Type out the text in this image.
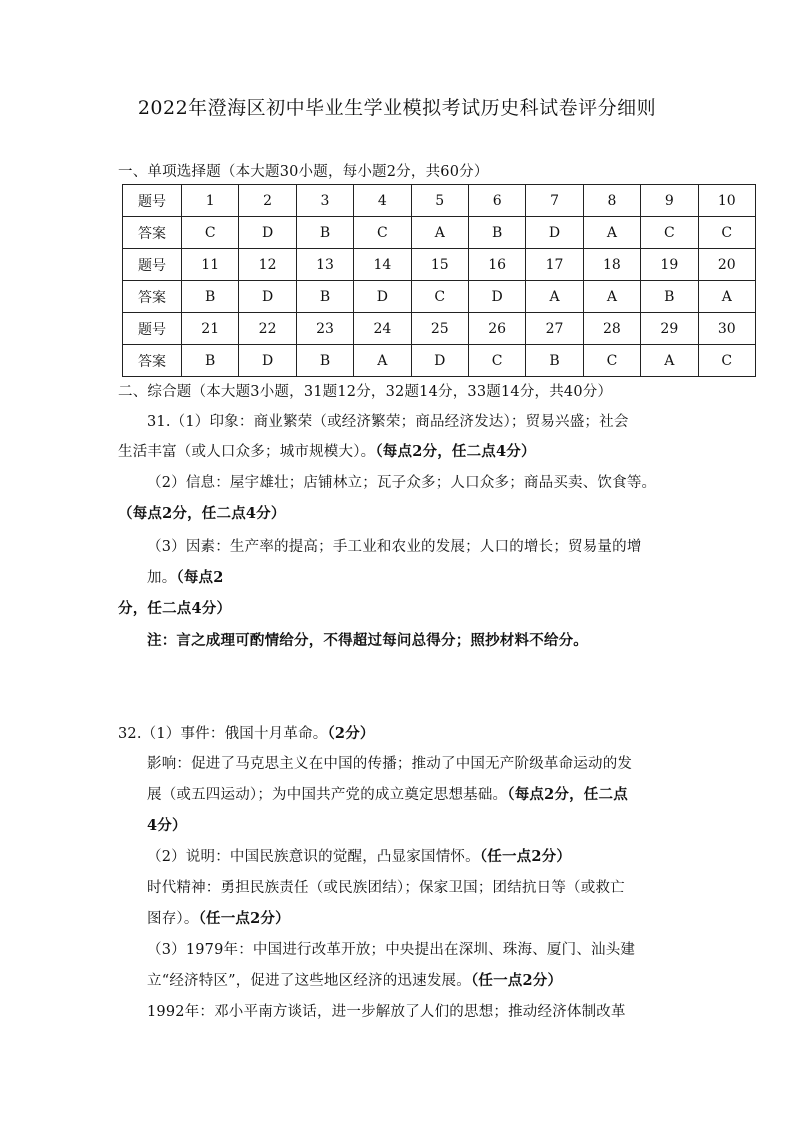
2022年澄海区初中毕业生学业模拟考试历史科试卷评分细则
一、单项选择题（本大题30小题，每小题2分，共60分）
题号	1	2	3	4	5	6	7	8	9	10
答案	C	D	B	C	A	B	D	A	C	C
题号	11	12	13	14	15	16	17	18	19	20
答案	B	D	B	D	C	D	A	A	B	A
题号	21	22	23	24	25	26	27	28	29	30
答案	B	D	B	A	D	C	B	C	A	C
二、综合题（本大题3小题，31题12分，32题14分，33题14分，共40分）
31.（1）印象：商业繁荣（或经济繁荣；商品经济发达）；贸易兴盛；社会
生活丰富（或人口众多；城市规模大）。（每点2分，任二点4分）
（2）信息：屋宇雄壮；店铺林立；瓦子众多；人口众多；商品买卖、饮食等。
（每点2分，任二点4分）
（3）因素：生产率的提高；手工业和农业的发展；人口的增长；贸易量的增
加。（每点2
分，任二点4分）
注：言之成理可酌情给分，不得超过每问总得分；照抄材料不给分。
32.（1）事件：俄国十月革命。（2分）
影响：促进了马克思主义在中国的传播；推动了中国无产阶级革命运动的发
展（或五四运动）；为中国共产党的成立奠定思想基础。（每点2分，任二点
4分）
（2）说明：中国民族意识的觉醒，凸显家国情怀。（任一点2分）
时代精神：勇担民族责任（或民族团结）；保家卫国；团结抗日等（或救亡
图存）。（任一点2分）
（3）1979年：中国进行改革开放；中央提出在深圳、珠海、厦门、汕头建
立“经济特区”，促进了这些地区经济的迅速发展。（任一点2分）
1992年：邓小平南方谈话，进一步解放了人们的思想；推动经济体制改革
